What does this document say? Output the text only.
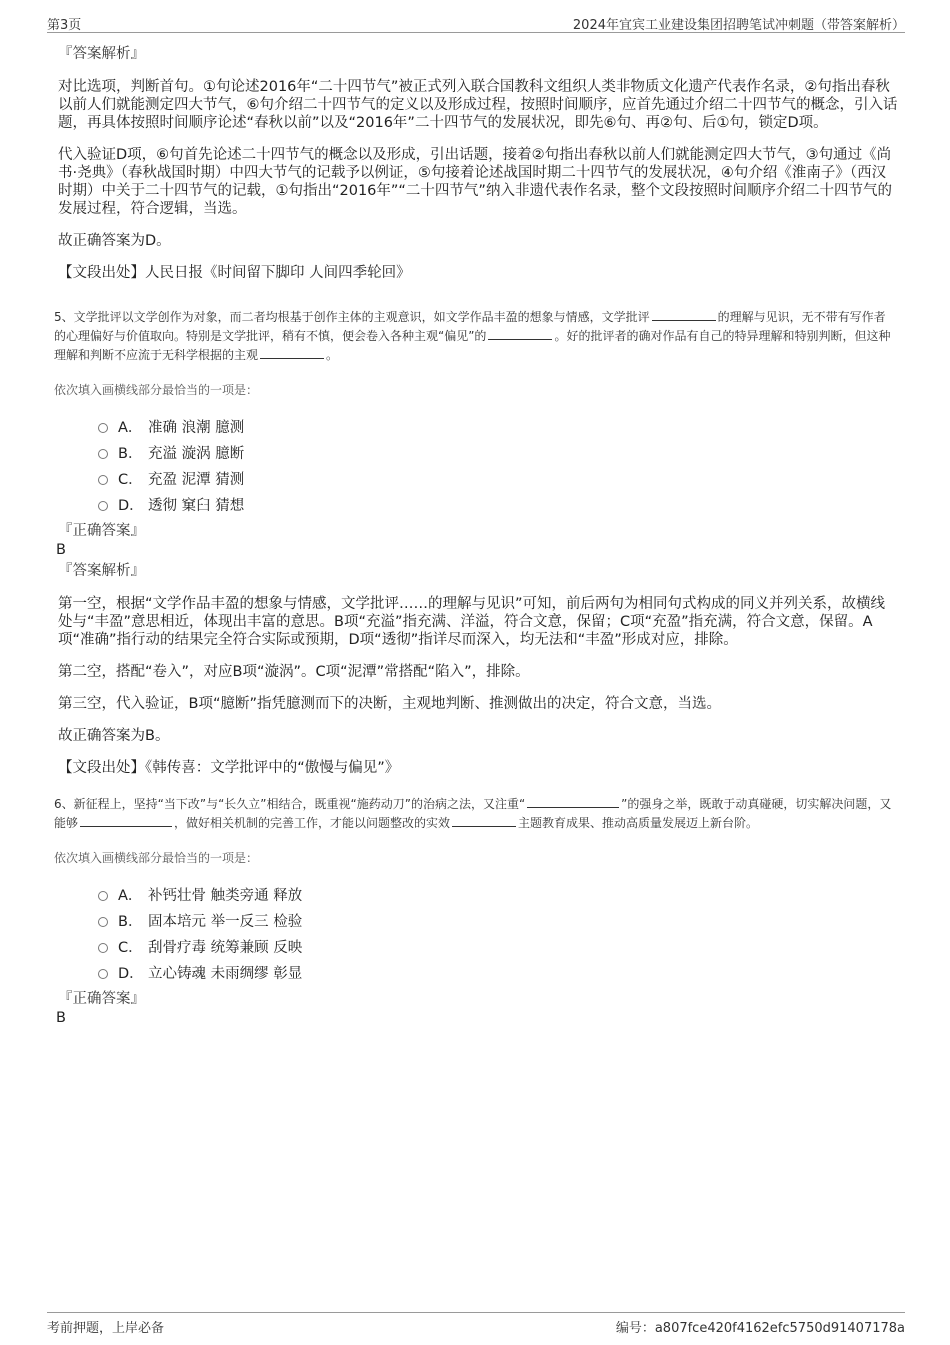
第3页	2024年宜宾工业建设集团招聘笔试冲刺题（带答案解析）

『答案解析』

对比选项，判断首句。①句论述2016年“二十四节气”被正式列入联合国教科文组织人类非物质文化遗产代表作名录，②句指出春秋以前人们就能测定四大节气，⑥句介绍二十四节气的定义以及形成过程，按照时间顺序，应首先通过介绍二十四节气的概念，引入话题，再具体按照时间顺序论述“春秋以前”以及“2016年”二十四节气的发展状况，即先⑥句、再②句、后①句，锁定D项。

代入验证D项，⑥句首先论述二十四节气的概念以及形成，引出话题，接着②句指出春秋以前人们就能测定四大节气，③句通过《尚书·尧典》（春秋战国时期）中四大节气的记载予以例证，⑤句接着论述战国时期二十四节气的发展状况，④句介绍《淮南子》（西汉时期）中关于二十四节气的记载，①句指出“2016年”“二十四节气”纳入非遗代表作名录，整个文段按照时间顺序介绍二十四节气的发展过程，符合逻辑，当选。

故正确答案为D。

【文段出处】人民日报《时间留下脚印 人间四季轮回》

5、文学批评以文学创作为对象，而二者均根基于创作主体的主观意识，如文学作品丰盈的想象与情感，文学批评	的理解与见识，无不带有写作者的心理偏好与价值取向。特别是文学批评，稍有不慎，便会卷入各种主观“偏见”的	。好的批评者的确对作品有自己的特异理解和特别判断，但这种理解和判断不应流于无科学根据的主观	。

依次填入画横线部分最恰当的一项是：

A． 准确 浪潮 臆测
B． 充溢 漩涡 臆断
C． 充盈 泥潭 猜测
D． 透彻 窠臼 猜想

『正确答案』

B

『答案解析』

第一空，根据“文学作品丰盈的想象与情感，文学批评……的理解与见识”可知，前后两句为相同句式构成的同义并列关系，故横线处与“丰盈”意思相近，体现出丰富的意思。B项“充溢”指充满、洋溢，符合文意，保留；C项“充盈”指充满，符合文意，保留。A项“准确”指行动的结果完全符合实际或预期，D项“透彻”指详尽而深入，均无法和“丰盈”形成对应，排除。

第二空，搭配“卷入”，对应B项“漩涡”。C项“泥潭”常搭配“陷入”，排除。

第三空，代入验证，B项“臆断”指凭臆测而下的决断，主观地判断、推测做出的决定，符合文意，当选。

故正确答案为B。

【文段出处】《韩传喜：文学批评中的“傲慢与偏见”》

6、新征程上，坚持“当下改”与“长久立”相结合，既重视“施药动刀”的治病之法，又注重“	”的强身之举，既敢于动真碰硬，切实解决问题，又能够	，做好相关机制的完善工作，才能以问题整改的实效	主题教育成果、推动高质量发展迈上新台阶。

依次填入画横线部分最恰当的一项是：

A． 补钙壮骨 触类旁通 释放
B． 固本培元 举一反三 检验
C． 刮骨疗毒 统筹兼顾 反映
D． 立心铸魂 未雨绸缪 彰显

『正确答案』

B

考前押题，上岸必备	编号：a807fce420f4162efc5750d91407178a
